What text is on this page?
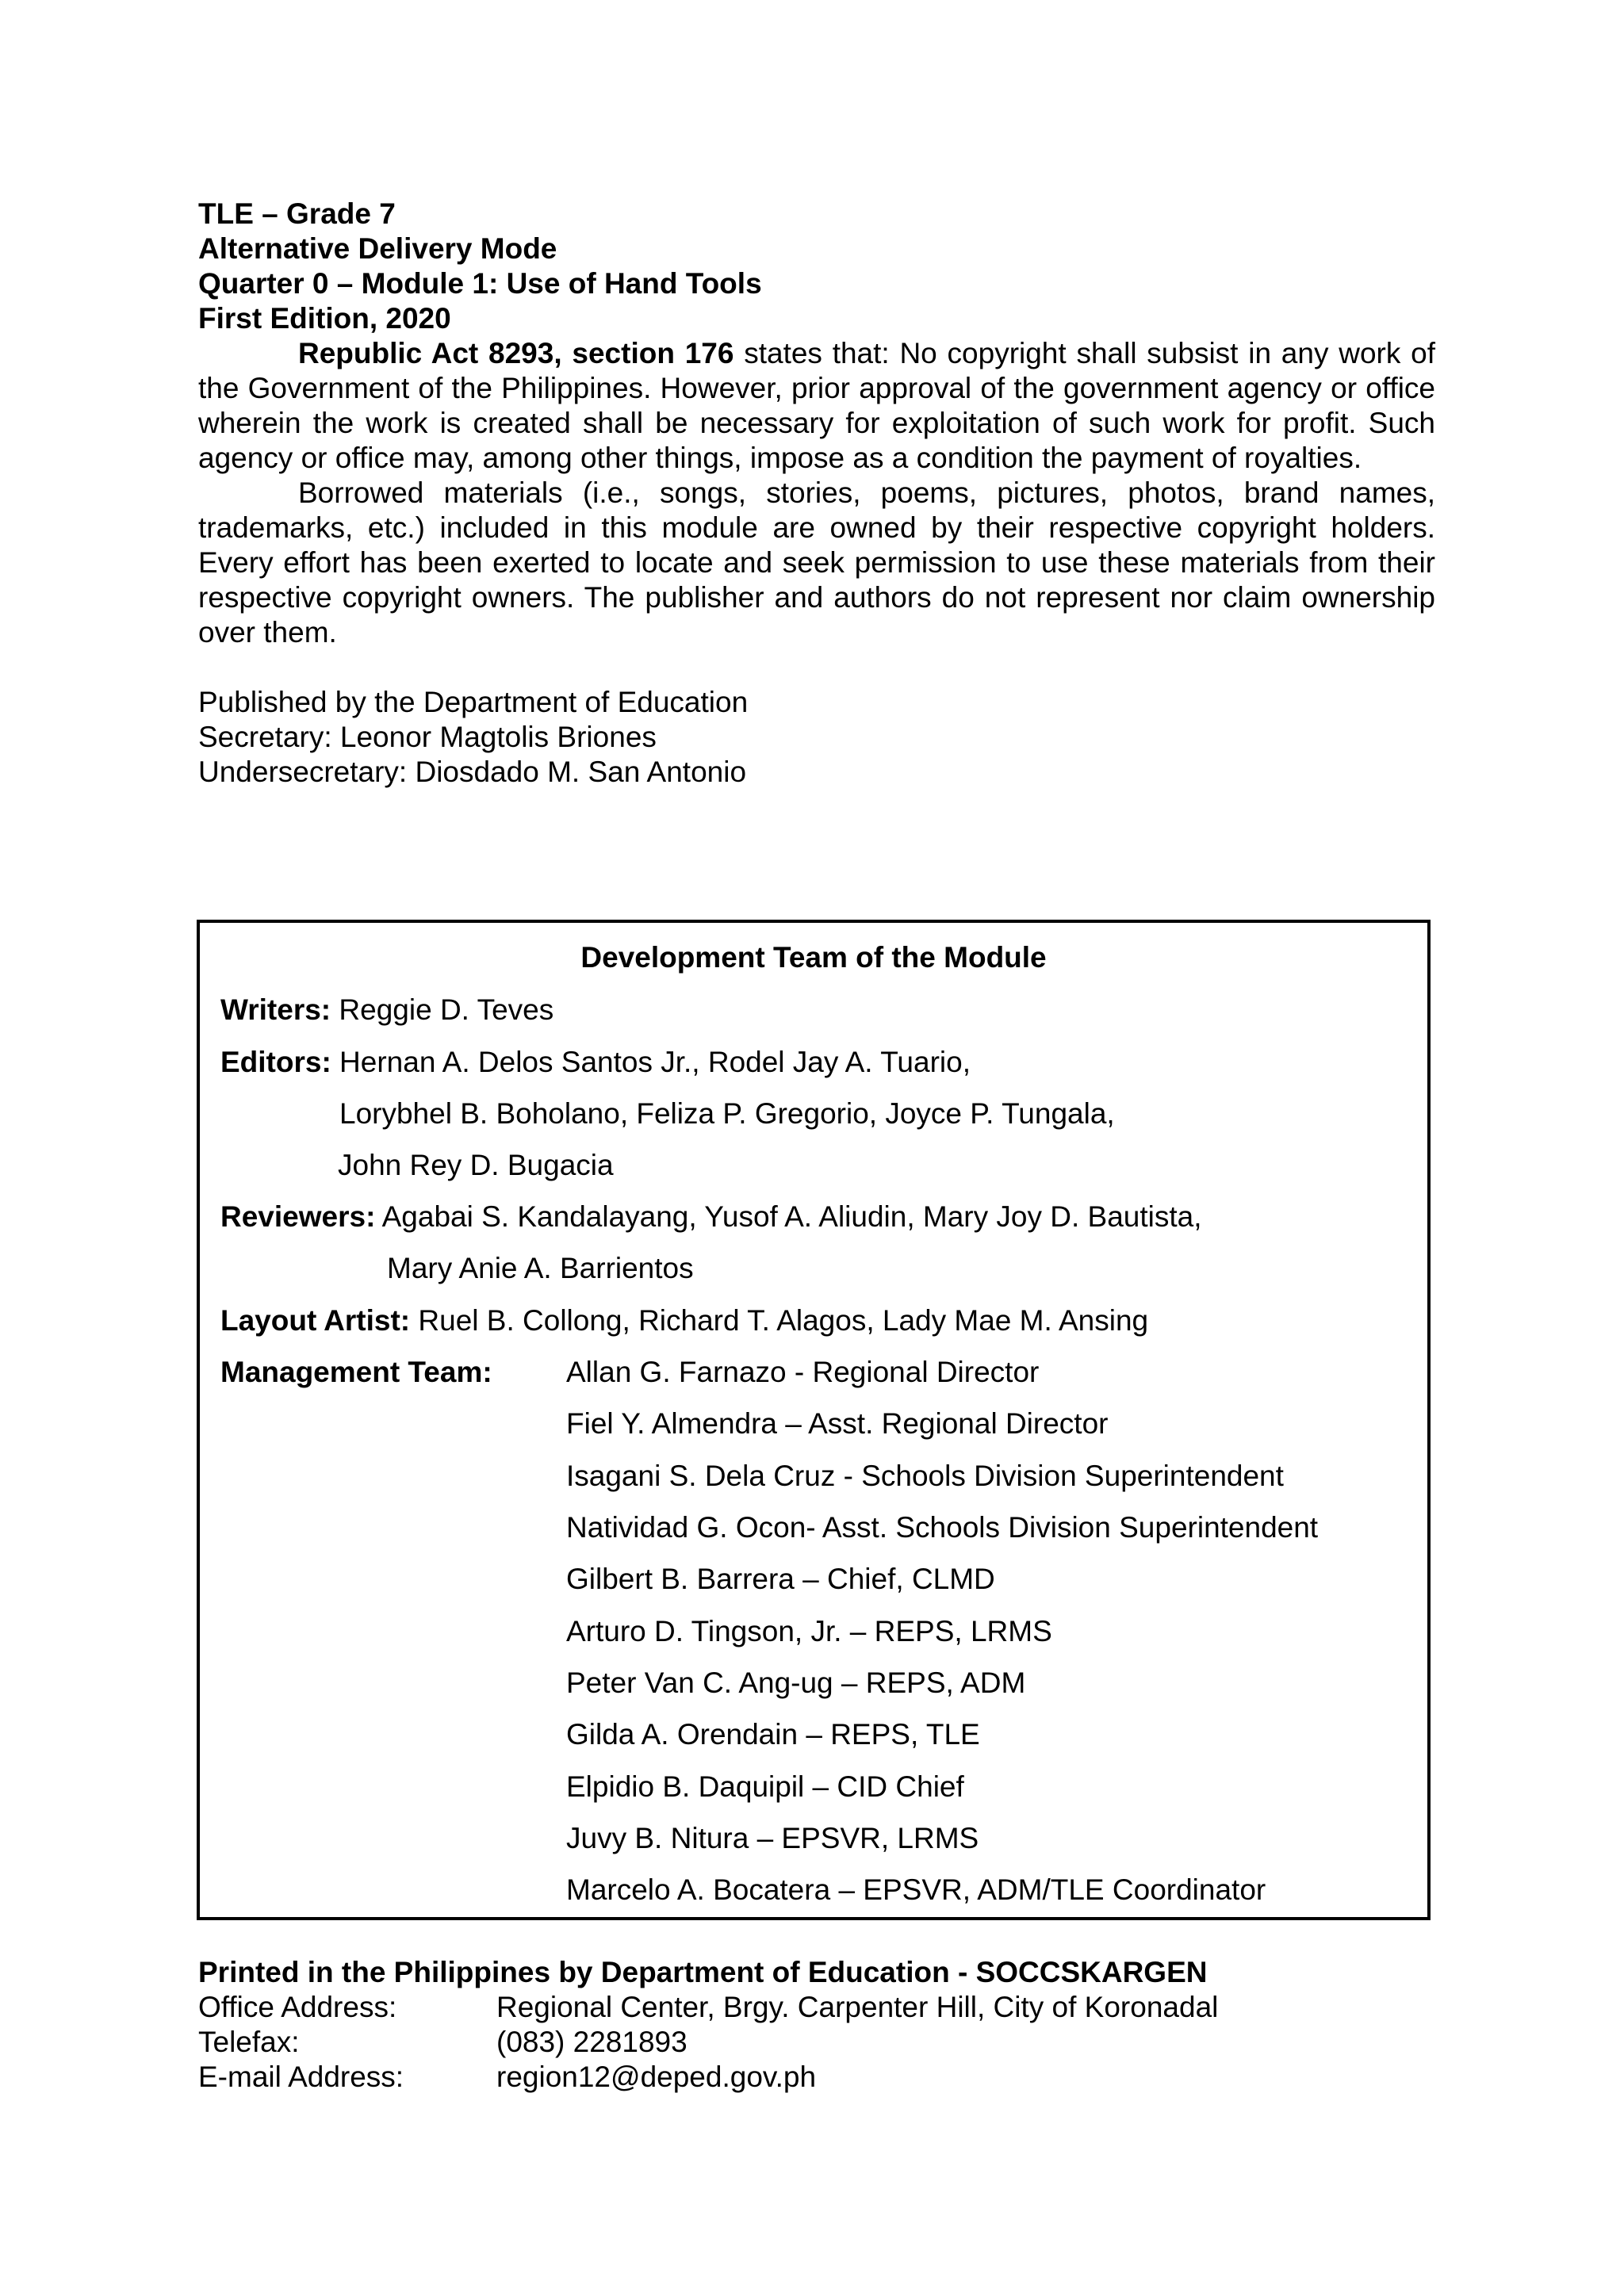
TLE – Grade 7
Alternative Delivery Mode
Quarter 0 – Module 1: Use of Hand Tools
First Edition, 2020

Republic Act 8293, section 176 states that: No copyright shall subsist in any work of the Government of the Philippines. However, prior approval of the government agency or office wherein the work is created shall be necessary for exploitation of such work for profit. Such agency or office may, among other things, impose as a condition the payment of royalties.

Borrowed materials (i.e., songs, stories, poems, pictures, photos, brand names, trademarks, etc.) included in this module are owned by their respective copyright holders. Every effort has been exerted to locate and seek permission to use these materials from their respective copyright owners. The publisher and authors do not represent nor claim ownership over them.

Published by the Department of Education
Secretary: Leonor Magtolis Briones
Undersecretary: Diosdado M. San Antonio
Development Team of the Module
Writers: Reggie D. Teves
Editors: Hernan A. Delos Santos Jr., Rodel Jay A. Tuario,
Lorybhel B. Boholano, Feliza P. Gregorio, Joyce P. Tungala,
John Rey D. Bugacia
Reviewers: Agabai S. Kandalayang, Yusof A. Aliudin, Mary Joy D. Bautista,
Mary Anie A. Barrientos
Layout Artist: Ruel B. Collong, Richard T. Alagos, Lady Mae M. Ansing
Management Team:	Allan G. Farnazo - Regional Director
Fiel Y. Almendra – Asst. Regional Director
Isagani S. Dela Cruz - Schools Division Superintendent
Natividad G. Ocon- Asst. Schools Division Superintendent
Gilbert B. Barrera – Chief, CLMD
Arturo D. Tingson, Jr. – REPS, LRMS
Peter Van C. Ang-ug – REPS, ADM
Gilda A. Orendain – REPS, TLE
Elpidio B. Daquipil – CID Chief
Juvy B. Nitura – EPSVR, LRMS
Marcelo A. Bocatera – EPSVR, ADM/TLE Coordinator
Printed in the Philippines by Department of Education - SOCCSKARGEN
Office Address:	Regional Center, Brgy. Carpenter Hill, City of Koronadal
Telefax:	(083) 2281893
E-mail Address:	region12@deped.gov.ph
